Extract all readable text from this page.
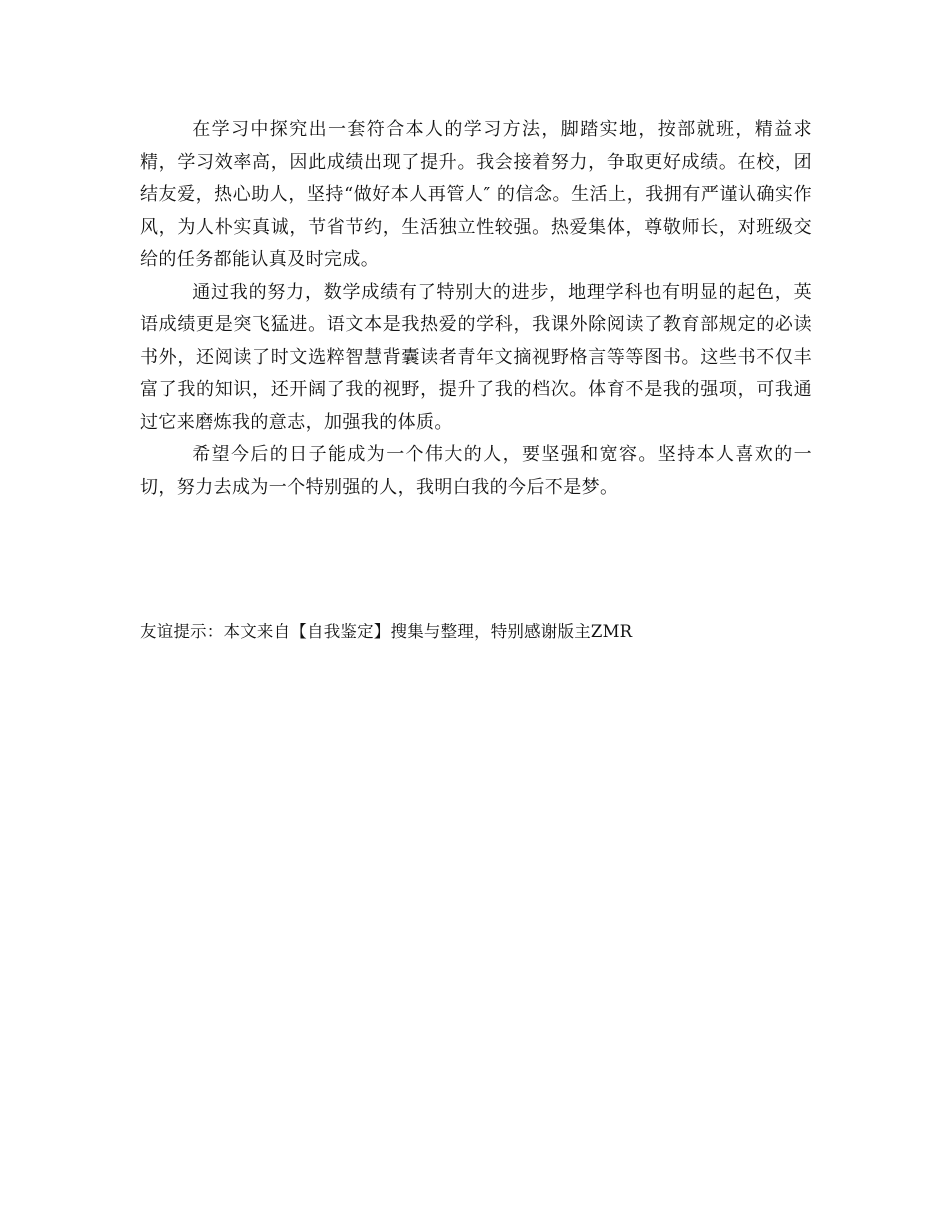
在学习中探究出一套符合本人的学习方法，脚踏实地，按部就班，精益求精，学习效率高，因此成绩出现了提升。我会接着努力，争取更好成绩。在校，团结友爱，热心助人，坚持“做好本人再管人″ 的信念。生活上，我拥有严谨认确实作风，为人朴实真诚，节省节约，生活独立性较强。热爱集体，尊敬师长，对班级交给的任务都能认真及时完成。

通过我的努力，数学成绩有了特别大的进步，地理学科也有明显的起色，英语成绩更是突飞猛进。语文本是我热爱的学科，我课外除阅读了教育部规定的必读书外，还阅读了时文选粹智慧背囊读者青年文摘视野格言等等图书。这些书不仅丰富了我的知识，还开阔了我的视野，提升了我的档次。体育不是我的强项，可我通过它来磨炼我的意志，加强我的体质。

希望今后的日子能成为一个伟大的人，要坚强和宽容。坚持本人喜欢的一切，努力去成为一个特别强的人，我明白我的今后不是梦。

友谊提示：本文来自【自我鉴定】搜集与整理，特别感谢版主ZMR
